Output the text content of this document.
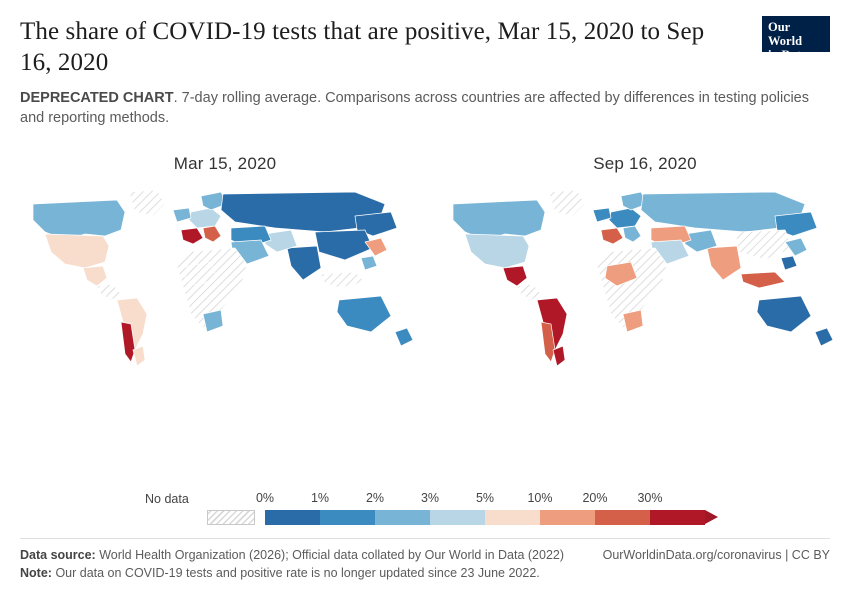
The share of COVID-19 tests that are positive, Mar 15, 2020 to Sep 16, 2020

DEPRECATED CHART. 7-day rolling average. Comparisons across countries are affected by differences in testing policies and reporting methods.

Our World
in Data
Mar 15, 2020	Sep 16, 2020
No data	0%	1%	2%	3%	5%	10% 20% 30%
Data source: World Health Organization (2026); Official data collated by Our World in Data (2022)	OurWorldinData.org/coronavirus | CC BY
Note: Our data on COVID-19 tests and positive rate is no longer updated since 23 June 2022.
